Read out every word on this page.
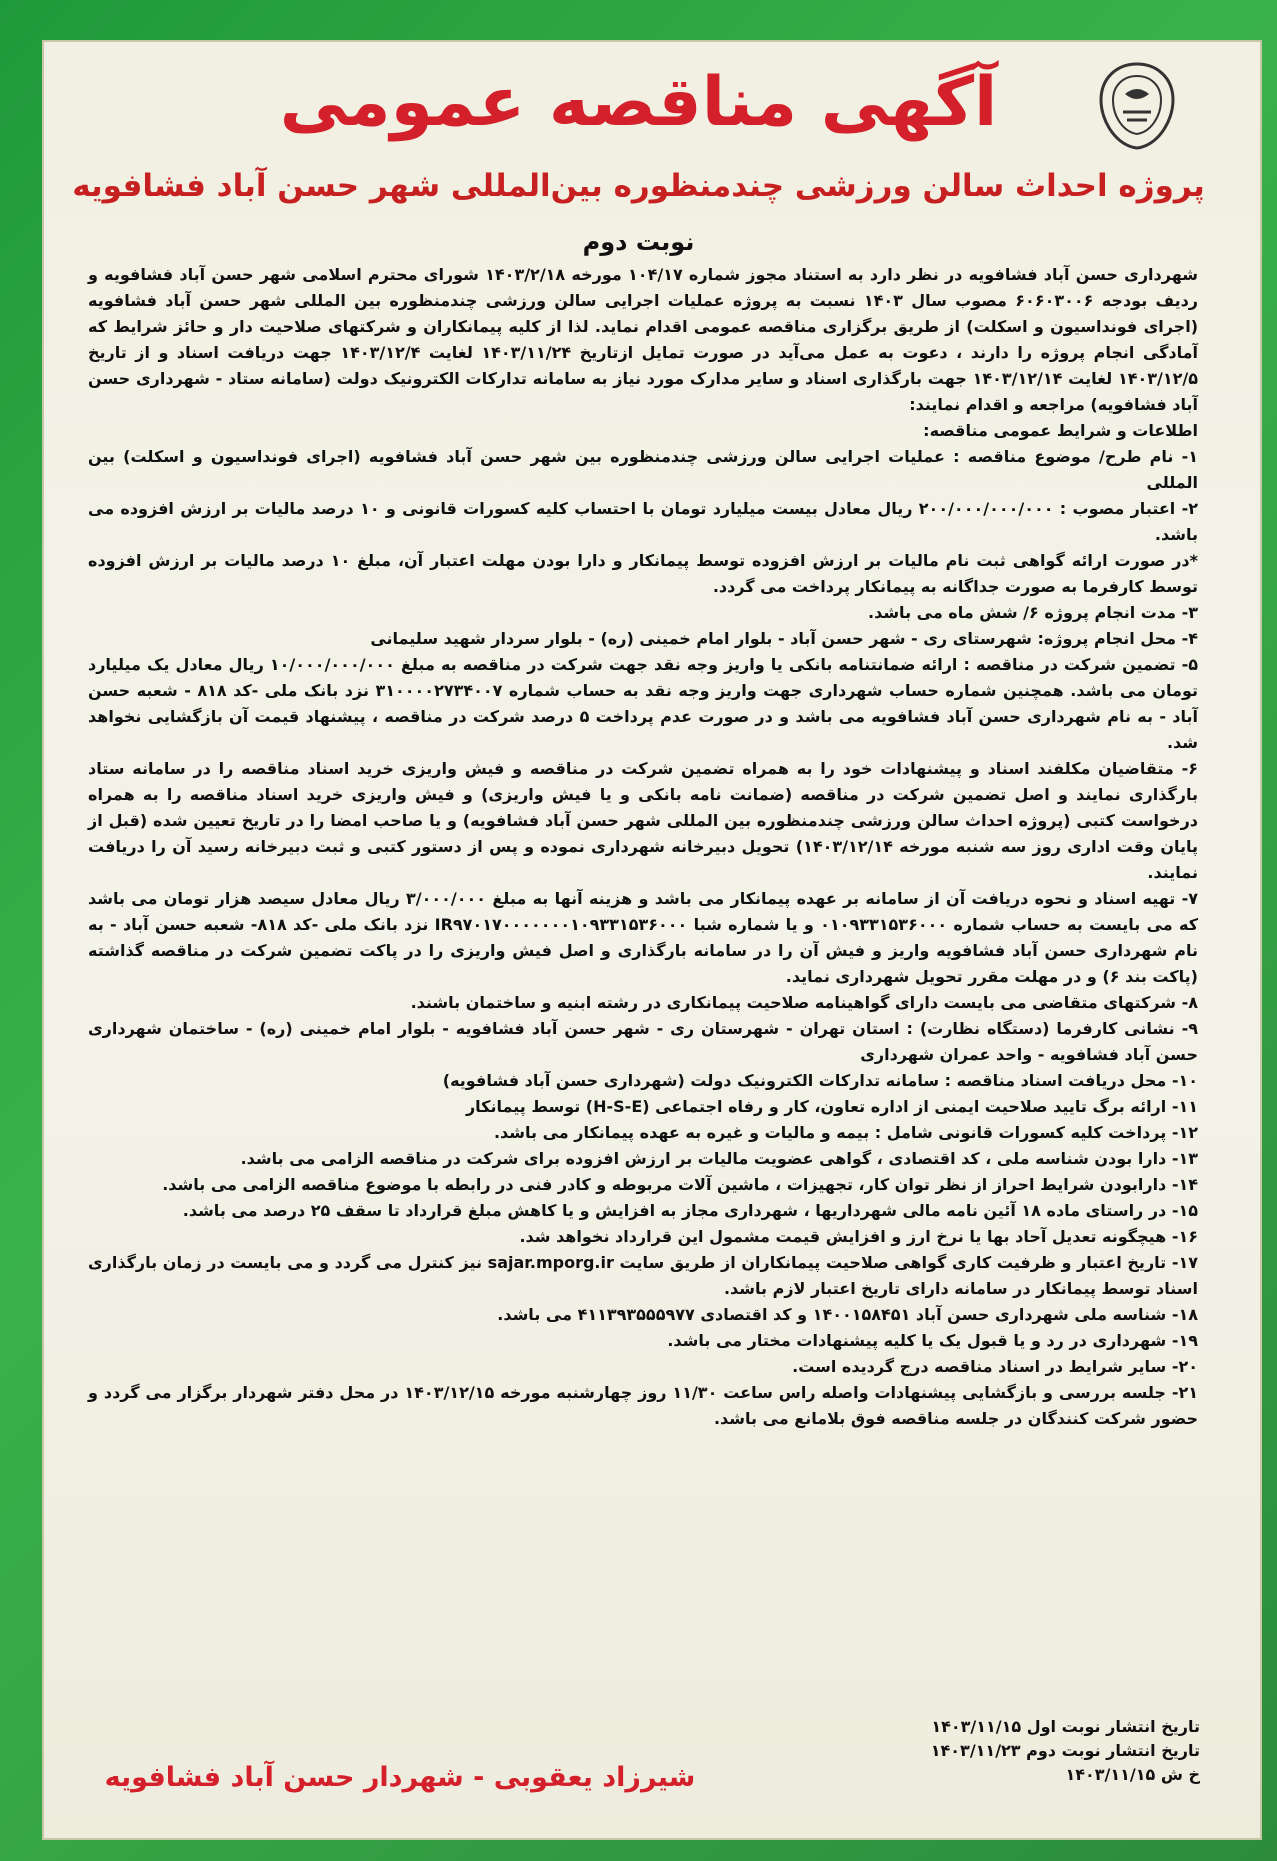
آگهی مناقصه عمومی
پروژه احداث سالن ورزشی چندمنظوره بین‌المللی شهر حسن آباد فشافویه
نوبت دوم

شهرداری حسن آباد فشافویه در نظر دارد به استناد مجوز شماره ۱۰۴/۱۷ مورخه ۱۴۰۳/۲/۱۸ شورای محترم اسلامی شهر حسن آباد فشافویه و ردیف بودجه ۶۰۶۰۳۰۰۶ مصوب سال ۱۴۰۳ نسبت به پروژه عملیات اجرایی سالن ورزشی چندمنظوره بین المللی شهر حسن آباد فشافویه (اجرای فونداسیون و اسکلت) از طریق برگزاری مناقصه عمومی اقدام نماید. لذا از کلیه پیمانکاران و شرکتهای صلاحیت دار و حائز شرایط که آمادگی انجام پروژه را دارند ، دعوت به عمل می‌آید در صورت تمایل ازتاریخ ۱۴۰۳/۱۱/۲۴ لغایت ۱۴۰۳/۱۲/۴ جهت دریافت اسناد و از تاریخ ۱۴۰۳/۱۲/۵ لغایت ۱۴۰۳/۱۲/۱۴ جهت بارگذاری اسناد و سایر مدارک مورد نیاز به سامانه تدارکات الکترونیک دولت (سامانه ستاد - شهرداری حسن آباد فشافویه) مراجعه و اقدام نمایند:

اطلاعات و شرایط عمومی مناقصه:

۱- نام طرح/ موضوع مناقصه : عملیات اجرایی سالن ورزشی چندمنظوره بین شهر حسن آباد فشافویه (اجرای فونداسیون و اسکلت) بین المللی

۲- اعتبار مصوب : ۲۰۰/۰۰۰/۰۰۰/۰۰۰ ریال معادل بیست میلیارد تومان با احتساب کلیه کسورات قانونی و ۱۰ درصد مالیات بر ارزش افزوده می باشد.

*در صورت ارائه گواهی ثبت نام مالیات بر ارزش افزوده توسط پیمانکار و دارا بودن مهلت اعتبار آن، مبلغ ۱۰ درصد مالیات بر ارزش افزوده توسط کارفرما به صورت جداگانه به پیمانکار پرداخت می گردد.

۳- مدت انجام پروژه ۶/ شش ماه می باشد.

۴- محل انجام پروژه: شهرستای ری - شهر حسن آباد - بلوار امام خمینی (ره) - بلوار سردار شهید سلیمانی

۵- تضمین شرکت در مناقصه : ارائه ضمانتنامه بانکی یا واریز وجه نقد جهت شرکت در مناقصه به مبلغ ۱۰/۰۰۰/۰۰۰/۰۰۰ ریال معادل یک میلیارد تومان می باشد. همچنین شماره حساب شهرداری جهت واریز وجه نقد به حساب شماره ۳۱۰۰۰۰۲۷۳۴۰۰۷ نزد بانک ملی -کد ۸۱۸ - شعبه حسن آباد - به نام شهرداری حسن آباد فشافویه می باشد و در صورت عدم پرداخت ۵ درصد شرکت در مناقصه ، پیشنهاد قیمت آن بازگشایی نخواهد شد.

۶- متقاضیان مکلفند اسناد و پیشنهادات خود را به همراه تضمین شرکت در مناقصه و فیش واریزی خرید اسناد مناقصه را در سامانه ستاد بارگذاری نمایند و اصل تضمین شرکت در مناقصه (ضمانت نامه بانکی و یا فیش واریزی) و فیش واریزی خرید اسناد مناقصه را به همراه درخواست کتبی (پروژه احداث سالن ورزشی چندمنظوره بین المللی شهر حسن آباد فشافویه) و یا صاحب امضا را در تاریخ تعیین شده (قبل از پایان وقت اداری روز سه شنبه مورخه ۱۴۰۳/۱۲/۱۴) تحویل دبیرخانه شهرداری نموده و پس از دستور کتبی و ثبت دبیرخانه رسید آن را دریافت نمایند.

۷- تهیه اسناد و نحوه دریافت آن از سامانه بر عهده پیمانکار می باشد و هزینه آنها به مبلغ ۳/۰۰۰/۰۰۰ ریال معادل سیصد هزار تومان می باشد که می بایست به حساب شماره ۰۱۰۹۳۳۱۵۳۶۰۰۰ و یا شماره شبا IR۹۷۰۱۷۰۰۰۰۰۰۰۱۰۹۳۳۱۵۳۶۰۰۰ نزد بانک ملی -کد ۸۱۸- شعبه حسن آباد - به نام شهرداری حسن آباد فشافویه واریز و فیش آن را در سامانه بارگذاری و اصل فیش واریزی را در پاکت تضمین شرکت در مناقصه گذاشته (پاکت بند ۶) و در مهلت مقرر تحویل شهرداری نماید.

۸- شرکتهای متقاضی می بایست دارای گواهینامه صلاحیت پیمانکاری در رشته ابنیه و ساختمان باشند.

۹- نشانی کارفرما (دستگاه نظارت) : استان تهران - شهرستان ری - شهر حسن آباد فشافویه - بلوار امام خمینی (ره) - ساختمان شهرداری حسن آباد فشافویه - واحد عمران شهرداری

۱۰- محل دریافت اسناد مناقصه : سامانه تدارکات الکترونیک دولت (شهرداری حسن آباد فشافویه)

۱۱- ارائه برگ تایید صلاحیت ایمنی از اداره تعاون، کار و رفاه اجتماعی (H-S-E) توسط پیمانکار

۱۲- پرداخت کلیه کسورات قانونی شامل : بیمه و مالیات و غیره به عهده پیمانکار می باشد.

۱۳- دارا بودن شناسه ملی ، کد اقتصادی ، گواهی عضویت مالیات بر ارزش افزوده برای شرکت در مناقصه الزامی می باشد.

۱۴- دارابودن شرایط احراز از نظر توان کار، تجهیزات ، ماشین آلات مربوطه و کادر فنی در رابطه با موضوع مناقصه الزامی می باشد.

۱۵- در راستای ماده ۱۸ آئین نامه مالی شهرداریها ، شهرداری مجاز به افزایش و یا کاهش مبلغ قرارداد تا سقف ۲۵ درصد می باشد.

۱۶- هیچگونه تعدیل آحاد بها یا نرخ ارز و افزایش قیمت مشمول این قرارداد نخواهد شد.

۱۷- تاریخ اعتبار و ظرفیت کاری گواهی صلاحیت پیمانکاران از طریق سایت sajar.mporg.ir نیز کنترل می گردد و می بایست در زمان بارگذاری اسناد توسط پیمانکار در سامانه دارای تاریخ اعتبار لازم باشد.

۱۸- شناسه ملی شهرداری حسن آباد ۱۴۰۰۱۵۸۴۵۱ و کد اقتصادی ۴۱۱۳۹۳۵۵۵۹۷۷ می باشد.

۱۹- شهرداری در رد و یا قبول یک یا کلیه پیشنهادات مختار می باشد.

۲۰- سایر شرایط در اسناد مناقصه درج گردیده است.

۲۱- جلسه بررسی و بازگشایی پیشنهادات واصله راس ساعت ۱۱/۳۰ روز چهارشنبه مورخه ۱۴۰۳/۱۲/۱۵ در محل دفتر شهردار برگزار می گردد و حضور شرکت کنندگان در جلسه مناقصه فوق بلامانع می باشد.

تاریخ انتشار نوبت اول ۱۴۰۳/۱۱/۱۵

تاریخ انتشار نوبت دوم ۱۴۰۳/۱۱/۲۳

خ ش ۱۴۰۳/۱۱/۱۵

شیرزاد یعقوبی - شهردار حسن آباد فشافویه
